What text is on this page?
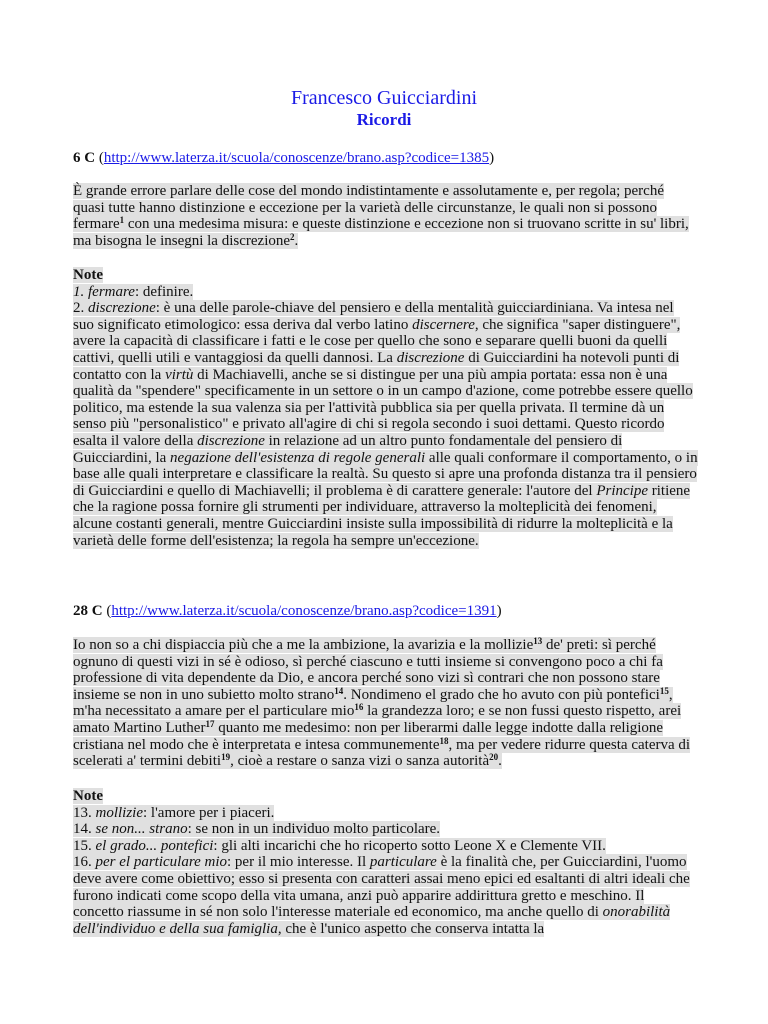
Francesco Guicciardini
Ricordi
6 C (http://www.laterza.it/scuola/conoscenze/brano.asp?codice=1385)
È grande errore parlare delle cose del mondo indistintamente e assolutamente e, per regola; perché quasi tutte hanno distinzione e eccezione per la varietà delle circunstanze, le quali non si possono fermare$^1$ con una medesima misura: e queste distinzione e eccezione non si truovano scritte in su' libri, ma bisogna le insegni la discrezione$^2$.

Note

1. fermare: definire.

2. discrezione: è una delle parole-chiave del pensiero e della mentalità guicciardiniana. Va intesa nel suo significato etimologico: essa deriva dal verbo latino discernere, che significa "saper distinguere", avere la capacità di classificare i fatti e le cose per quello che sono e separare quelli buoni da quelli cattivi, quelli utili e vantaggiosi da quelli dannosi. La discrezione di Guicciardini ha notevoli punti di contatto con la virtù di Machiavelli, anche se si distingue per una più ampia portata: essa non è una qualità da "spendere" specificamente in un settore o in un campo d'azione, come potrebbe essere quello politico, ma estende la sua valenza sia per l'attività pubblica sia per quella privata. Il termine dà un senso più "personalistico" e privato all'agire di chi si regola secondo i suoi dettami. Questo ricordo esalta il valore della discrezione in relazione ad un altro punto fondamentale del pensiero di Guicciardini, la negazione dell'esistenza di regole generali alle quali conformare il comportamento, o in base alle quali interpretare e classificare la realtà. Su questo si apre una profonda distanza tra il pensiero di Guicciardini e quello di Machiavelli; il problema è di carattere generale: l'autore del Principe ritiene che la ragione possa fornire gli strumenti per individuare, attraverso la molteplicità dei fenomeni, alcune costanti generali, mentre Guicciardini insiste sulla impossibilità di ridurre la molteplicità e la varietà delle forme dell'esistenza; la regola ha sempre un'eccezione.

28 C (http://www.laterza.it/scuola/conoscenze/brano.asp?codice=1391)
Io non so a chi dispiaccia più che a me la ambizione, la avarizia e la mollizie$^{13}$ de' preti: sì perché ognuno di questi vizi in sé è odioso, sì perché ciascuno e tutti insieme si convengono poco a chi fa professione di vita dependente da Dio, e ancora perché sono vizi sì contrari che non possono stare insieme se non in uno subietto molto strano$^{14}$. Nondimeno el grado che ho avuto con più pontefici$^{15}$, m'ha necessitato a amare per el particulare mio$^{16}$ la grandezza loro; e se non fussi questo rispetto, arei amato Martino Luther$^{17}$ quanto me medesimo: non per liberarmi dalle legge indotte dalla religione cristiana nel modo che è interpretata e intesa communemente$^{18}$, ma per vedere ridurre questa caterva di scelerati a' termini debiti$^{19}$, cioè a restare o sanza vizi o sanza autorità$^{20}$.

Note

13. mollizie: l'amore per i piaceri.

14. se non... strano: se non in un individuo molto particolare.

15. el grado... pontefici: gli alti incarichi che ho ricoperto sotto Leone X e Clemente VII.

16. per el particulare mio: per il mio interesse. Il particulare è la finalità che, per Guicciardini, l'uomo deve avere come obiettivo; esso si presenta con caratteri assai meno epici ed esaltanti di altri ideali che furono indicati come scopo della vita umana, anzi può apparire addirittura gretto e meschino. Il concetto riassume in sé non solo l'interesse materiale ed economico, ma anche quello di onorabilità dell'individuo e della sua famiglia, che è l'unico aspetto che conserva intatta la
